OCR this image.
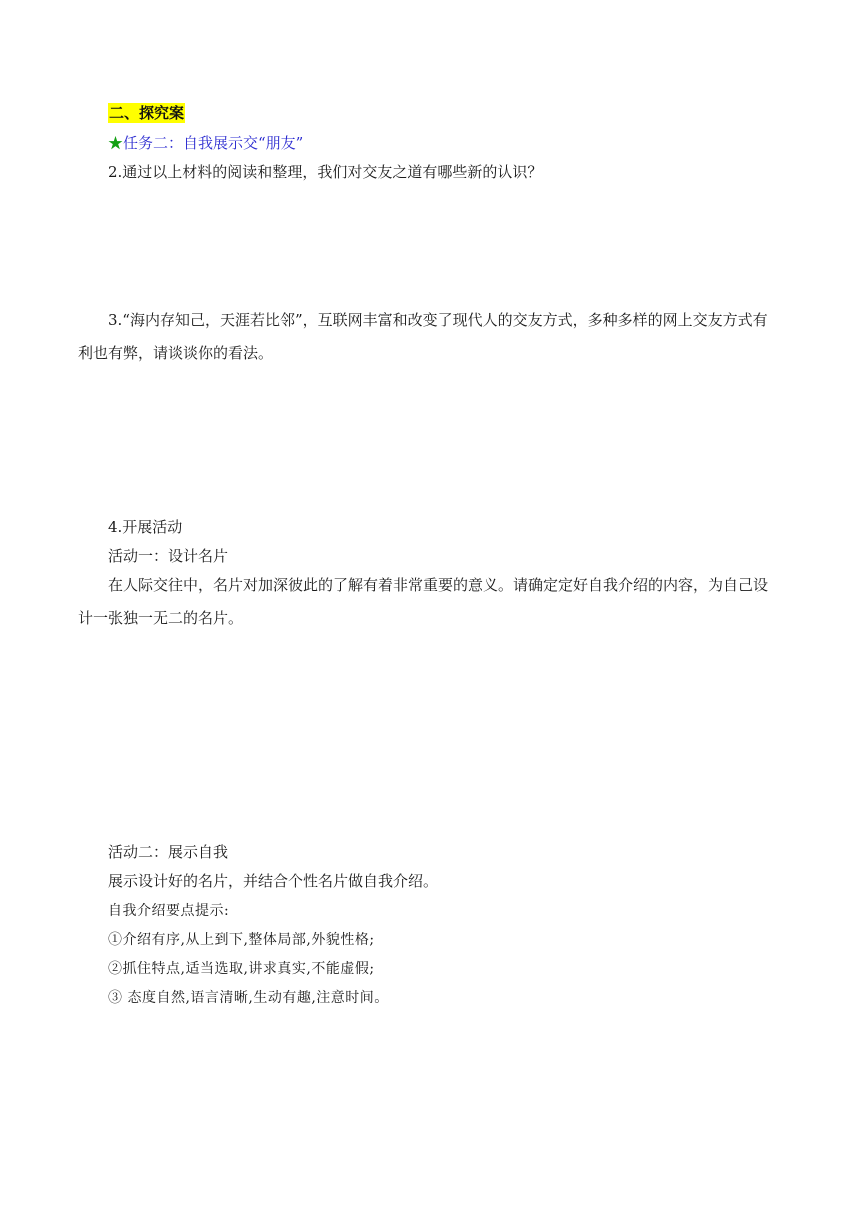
二、探究案
★任务二：自我展示交“朋友”
2.通过以上材料的阅读和整理，我们对交友之道有哪些新的认识？
3.“海内存知己，天涯若比邻”，互联网丰富和改变了现代人的交友方式，多种多样的网上交友方式有利也有弊，请谈谈你的看法。
4.开展活动
活动一：设计名片
在人际交往中，名片对加深彼此的了解有着非常重要的意义。请确定定好自我介绍的内容，为自己设计一张独一无二的名片。
活动二：展示自我
展示设计好的名片，并结合个性名片做自我介绍。
自我介绍要点提示:
①介绍有序,从上到下,整体局部,外貌性格;
②抓住特点,适当选取,讲求真实,不能虚假;
③ 态度自然,语言清晰,生动有趣,注意时间。
